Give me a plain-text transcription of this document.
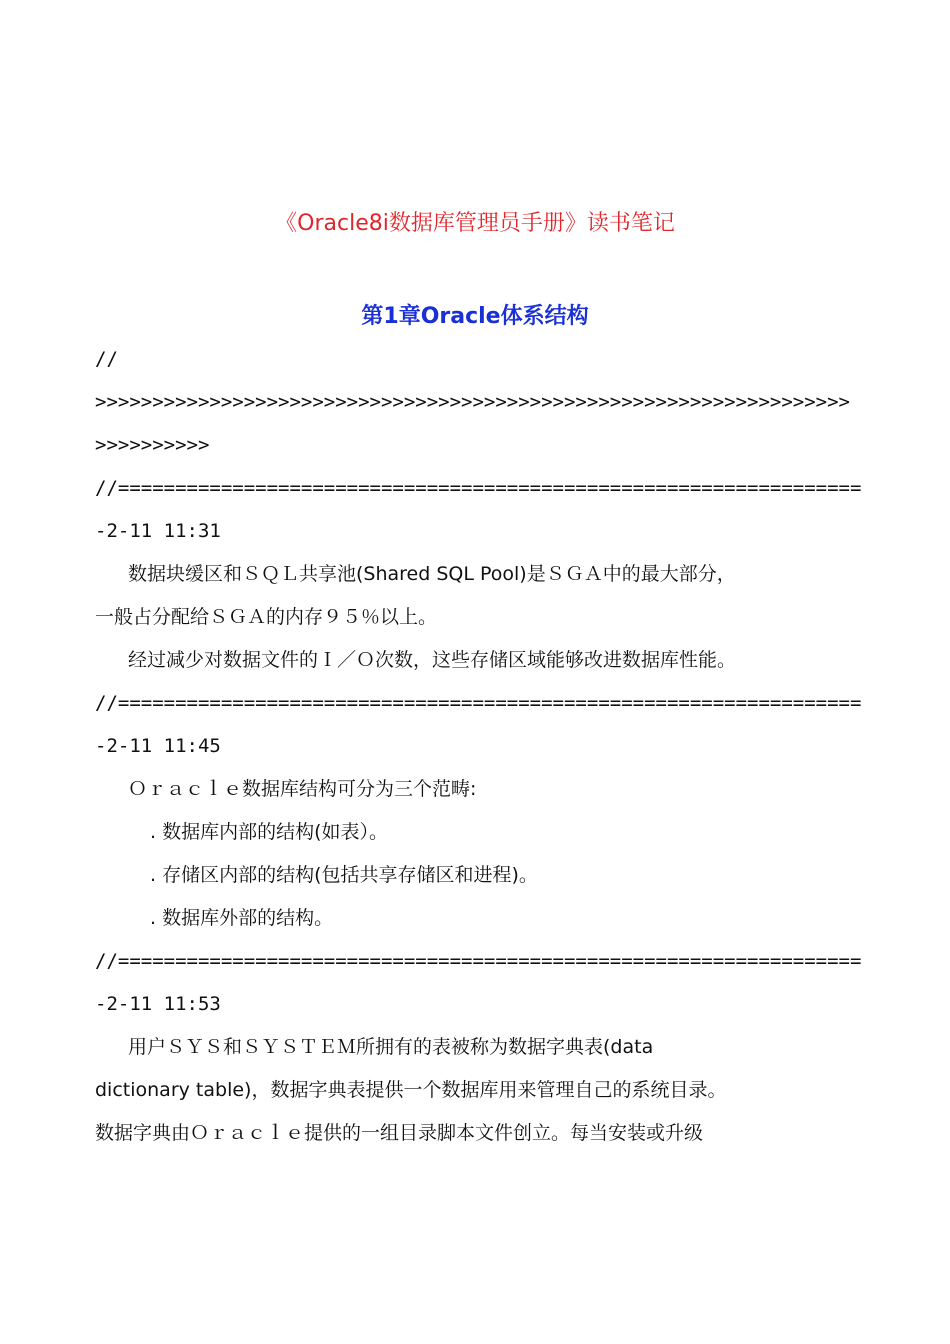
《Oracle8i数据库管理员手册》读书笔记
第1章Oracle体系结构
//
>>>>>>>>>>>>>>>>>>>>>>>>>>>>>>>>>>>>>>>>>>>>>>>>>>>>>>>>>>>>>>>>>>
>>>>>>>>>>
//=================================================================
-2-11 11:31
数据块缓区和ＳＱＬ共享池(Shared SQL Pool)是ＳＧＡ中的最大部分，
一般占分配给ＳＧＡ的内存９５％以上。
经过减少对数据文件的Ｉ／Ｏ次数，这些存储区域能够改进数据库性能。
//=================================================================
-2-11 11:45
Ｏｒａｃｌｅ数据库结构可分为三个范畴:
. 数据库内部的结构(如表）。
. 存储区内部的结构(包括共享存储区和进程)。
. 数据库外部的结构。
//=================================================================
-2-11 11:53
用户ＳＹＳ和ＳＹＳＴＥＭ所拥有的表被称为数据字典表(data
dictionary table)，数据字典表提供一个数据库用来管理自己的系统目录。
数据字典由Ｏｒａｃｌｅ提供的一组目录脚本文件创立。每当安装或升级
